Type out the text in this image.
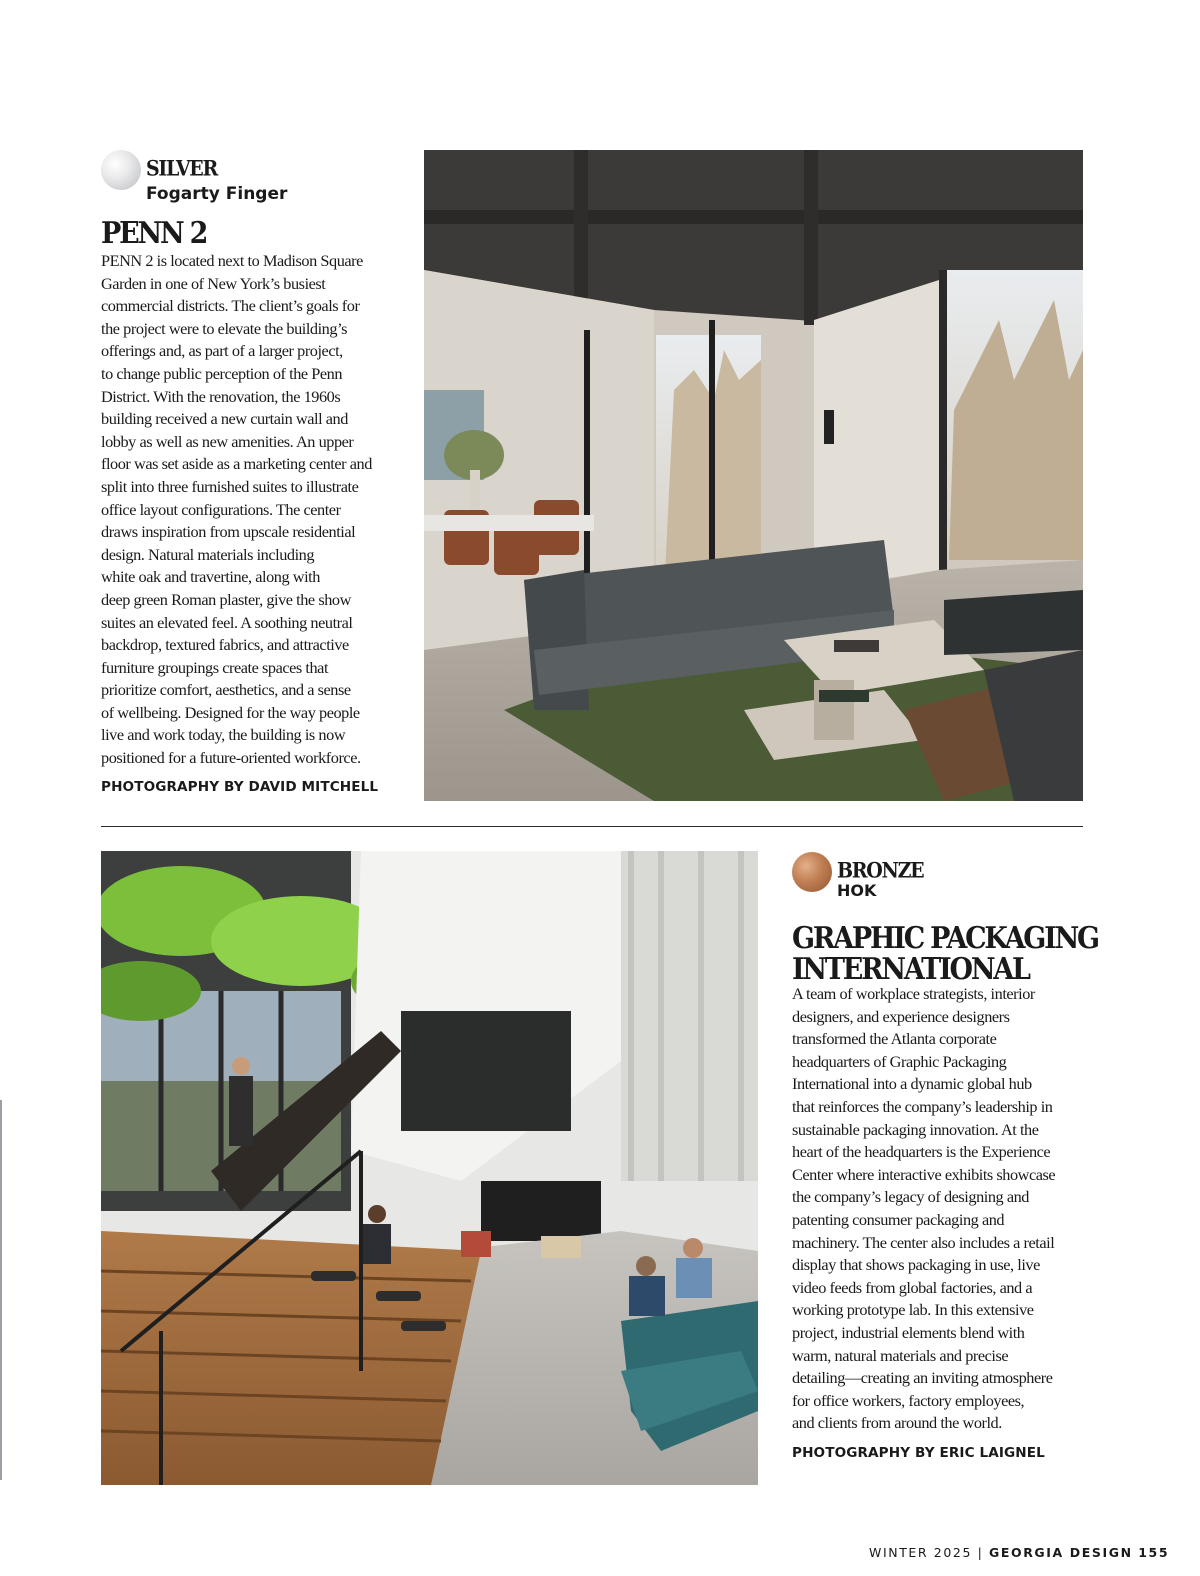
SILVER
Fogarty Finger
PENN 2

PENN 2 is located next to Madison Square
Garden in one of New York’s busiest
commercial districts. The client’s goals for
the project were to elevate the building’s
offerings and, as part of a larger project,
to change public perception of the Penn
District. With the renovation, the 1960s
building received a new curtain wall and
lobby as well as new amenities. An upper
floor was set aside as a marketing center and
split into three furnished suites to illustrate
office layout configurations. The center
draws inspiration from upscale residential
design. Natural materials including
white oak and travertine, along with
deep green Roman plaster, give the show
suites an elevated feel. A soothing neutral
backdrop, textured fabrics, and attractive
furniture groupings create spaces that
prioritize comfort, aesthetics, and a sense
of wellbeing. Designed for the way people
live and work today, the building is now
positioned for a future-oriented workforce.

PHOTOGRAPHY BY DAVID MITCHELL
BRONZE
HOK
GRAPHIC PACKAGING
INTERNATIONAL

A team of workplace strategists, interior
designers, and experience designers
transformed the Atlanta corporate
headquarters of Graphic Packaging
International into a dynamic global hub
that reinforces the company’s leadership in
sustainable packaging innovation. At the
heart of the headquarters is the Experience
Center where interactive exhibits showcase
the company’s legacy of designing and
patenting consumer packaging and
machinery. The center also includes a retail
display that shows packaging in use, live
video feeds from global factories, and a
working prototype lab. In this extensive
project, industrial elements blend with
warm, natural materials and precise
detailing—creating an inviting atmosphere
for office workers, factory employees,
and clients from around the world.

PHOTOGRAPHY BY ERIC LAIGNEL
WINTER 2025 | GEORGIA DESIGN 155
